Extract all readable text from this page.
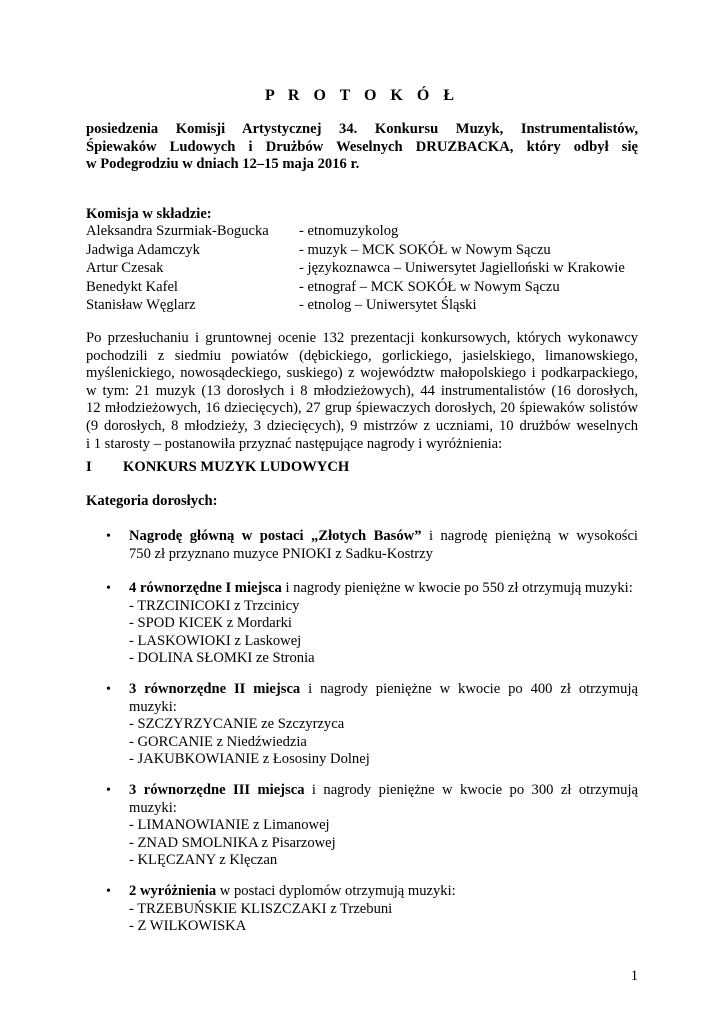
P R O T O K Ó Ł
posiedzenia Komisji Artystycznej 34. Konkursu Muzyk, Instrumentalistów,
Śpiewaków Ludowych i Drużbów Weselnych DRUZBACKA, który odbył się
w Podegrodziu w dniach 12–15 maja 2016 r.
Komisja w składzie:
Aleksandra Szurmiak-Bogucka	- etnomuzykolog
Jadwiga Adamczyk	- muzyk – MCK SOKÓŁ w Nowym Sączu
Artur Czesak	- językoznawca – Uniwersytet Jagielloński w Krakowie
Benedykt Kafel	- etnograf – MCK SOKÓŁ w Nowym Sączu
Stanisław Węglarz	- etnolog – Uniwersytet Śląski
Po przesłuchaniu i gruntownej ocenie 132 prezentacji konkursowych, których wykonawcy
pochodzili z siedmiu powiatów (dębickiego, gorlickiego, jasielskiego, limanowskiego,
myślenickiego, nowosądeckiego, suskiego) z województw małopolskiego i podkarpackiego,
w tym: 21 muzyk (13 dorosłych i 8 młodzieżowych), 44 instrumentalistów (16 dorosłych,
12 młodzieżowych, 16 dziecięcych), 27 grup śpiewaczych dorosłych, 20 śpiewaków solistów
(9 dorosłych, 8 młodzieży, 3 dziecięcych), 9 mistrzów z uczniami, 10 drużbów weselnych
i 1 starosty – postanowiła przyznać następujące nagrody i wyróżnienia:
I KONKURS MUZYK LUDOWYCH
Kategoria dorosłych:
• Nagrodę główną w postaci „Złotych Basów” i nagrodę pieniężną w wysokości
750 zł przyznano muzyce PNIOKI z Sadku-Kostrzy
• 4 równorzędne I miejsca i nagrody pieniężne w kwocie po 550 zł otrzymują muzyki:
- TRZCINICOKI z Trzcinicy
- SPOD KICEK z Mordarki
- LASKOWIOKI z Laskowej
- DOLINA SŁOMKI ze Stronia
• 3 równorzędne II miejsca i nagrody pieniężne w kwocie po 400 zł otrzymują
muzyki:
- SZCZYRZYCANIE ze Szczyrzyca
- GORCANIE z Niedźwiedzia
- JAKUBKOWIANIE z Łososiny Dolnej
• 3 równorzędne III miejsca i nagrody pieniężne w kwocie po 300 zł otrzymują
muzyki:
- LIMANOWIANIE z Limanowej
- ZNAD SMOLNIKA z Pisarzowej
- KLĘCZANY z Klęczan
• 2 wyróżnienia w postaci dyplomów otrzymują muzyki:
- TRZEBUŃSKIE KLISZCZAKI z Trzebuni
- Z WILKOWISKA
1
